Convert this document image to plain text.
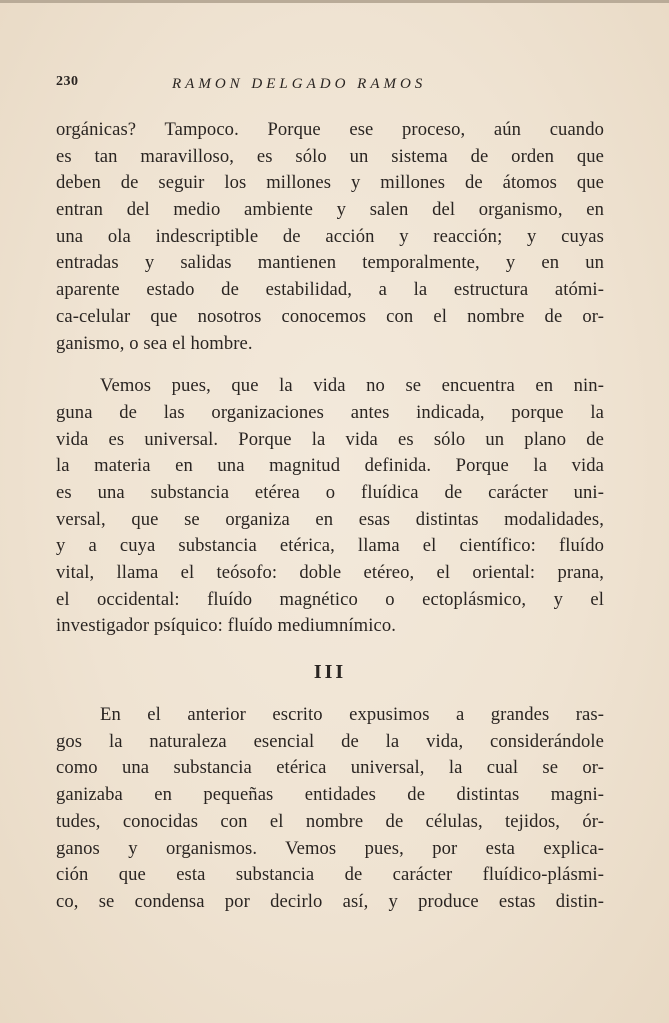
230	RAMON DELGADO RAMOS
orgánicas? Tampoco. Porque ese proceso, aún cuando
es tan maravilloso, es sólo un sistema de orden que
deben de seguir los millones y millones de átomos que
entran del medio ambiente y salen del organismo, en
una ola indescriptible de acción y reacción; y cuyas
entradas y salidas mantienen temporalmente, y en un
aparente estado de estabilidad, a la estructura atómi-
ca-celular que nosotros conocemos con el nombre de or-
ganismo, o sea el hombre.
Vemos pues, que la vida no se encuentra en nin-
guna de las organizaciones antes indicada, porque la
vida es universal. Porque la vida es sólo un plano de
la materia en una magnitud definida. Porque la vida
es una substancia etérea o fluídica de carácter uni-
versal, que se organiza en esas distintas modalidades,
y a cuya substancia etérica, llama el científico: fluído
vital, llama el teósofo: doble etéreo, el oriental: prana,
el occidental: fluído magnético o ectoplásmico, y el
investigador psíquico: fluído mediumnímico.
III
En el anterior escrito expusimos a grandes ras-
gos la naturaleza esencial de la vida, considerándole
como una substancia etérica universal, la cual se or-
ganizaba en pequeñas entidades de distintas magni-
tudes, conocidas con el nombre de células, tejidos, ór-
ganos y organismos. Vemos pues, por esta explica-
ción que esta substancia de carácter fluídico-plásmi-
co, se condensa por decirlo así, y produce estas distin-
